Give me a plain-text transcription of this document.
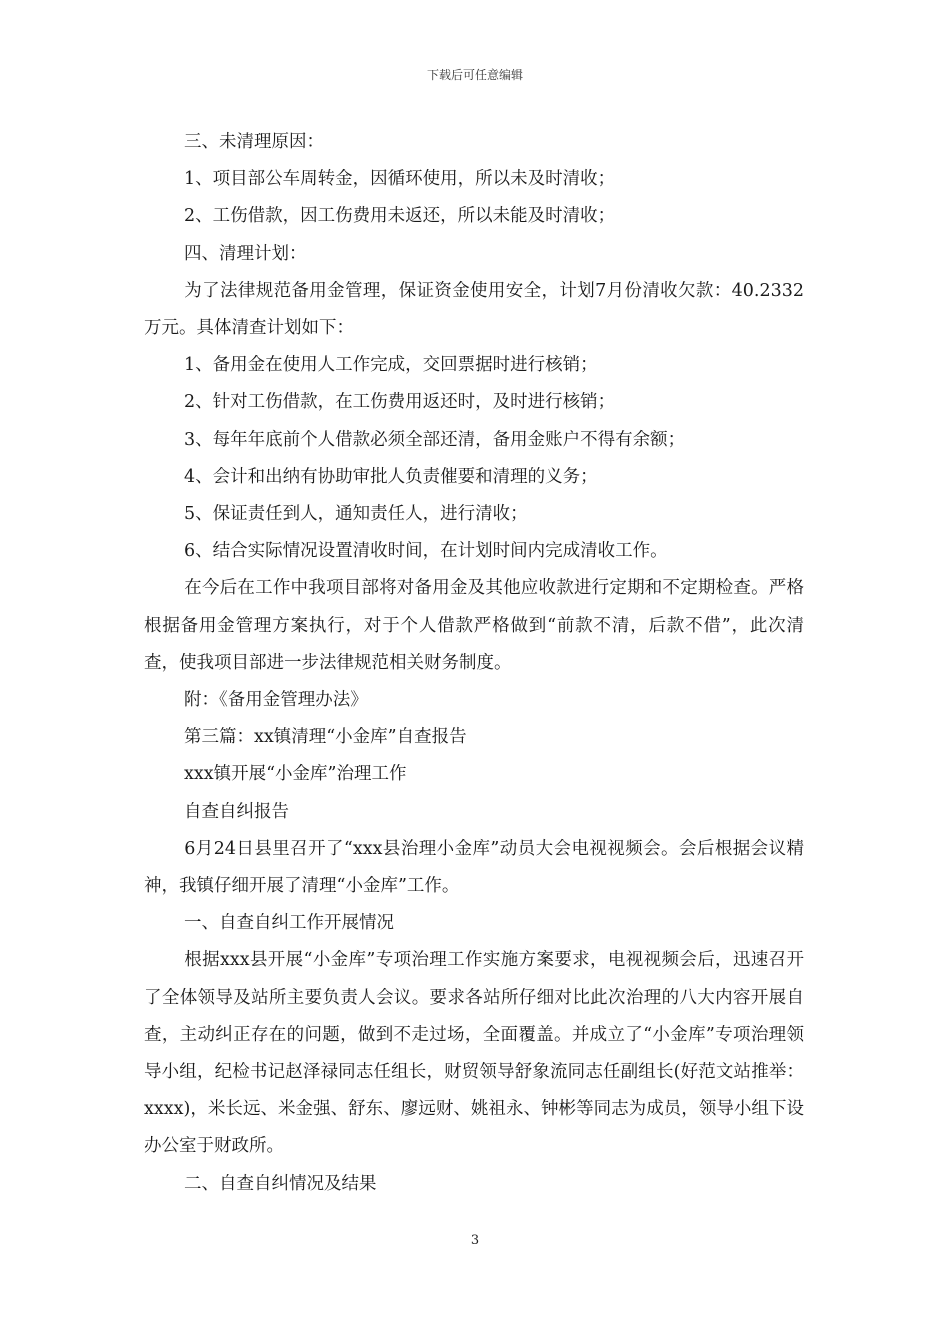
下载后可任意编辑

三、未清理原因：

1、项目部公车周转金，因循环使用，所以未及时清收；

2、工伤借款，因工伤费用未返还，所以未能及时清收；

四、清理计划：

为了法律规范备用金管理，保证资金使用安全，计划7月份清收欠款：40.2332万元。具体清查计划如下：

1、备用金在使用人工作完成，交回票据时进行核销；

2、针对工伤借款，在工伤费用返还时，及时进行核销；

3、每年年底前个人借款必须全部还清，备用金账户不得有余额；

4、会计和出纳有协助审批人负责催要和清理的义务；

5、保证责任到人，通知责任人，进行清收；

6、结合实际情况设置清收时间，在计划时间内完成清收工作。

在今后在工作中我项目部将对备用金及其他应收款进行定期和不定期检查。严格根据备用金管理方案执行，对于个人借款严格做到“前款不清，后款不借”，此次清查，使我项目部进一步法律规范相关财务制度。

附：《备用金管理办法》

第三篇：xx镇清理“小金库”自查报告

xxx镇开展“小金库”治理工作

自查自纠报告

6月24日县里召开了“xxx县治理小金库”动员大会电视视频会。会后根据会议精神，我镇仔细开展了清理“小金库”工作。

一、自查自纠工作开展情况

根据xxx县开展“小金库”专项治理工作实施方案要求，电视视频会后，迅速召开了全体领导及站所主要负责人会议。要求各站所仔细对比此次治理的八大内容开展自查，主动纠正存在的问题，做到不走过场，全面覆盖。并成立了“小金库”专项治理领导小组，纪检书记赵泽禄同志任组长，财贸领导舒象流同志任副组长(好范文站推举：xxxx)，米长远、米金强、舒东、廖远财、姚祖永、钟彬等同志为成员，领导小组下设办公室于财政所。

二、自查自纠情况及结果

3
